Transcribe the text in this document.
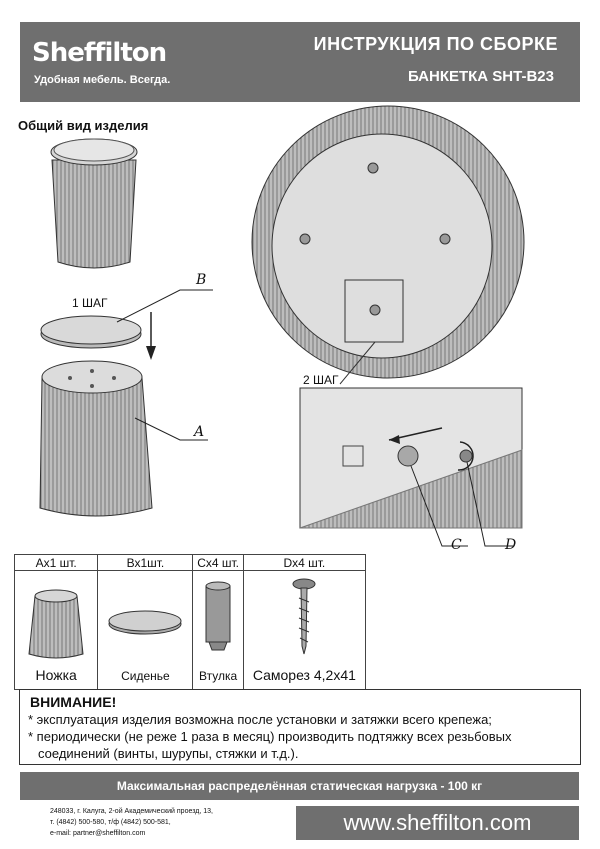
Sheffilton
Удобная мебель. Всегда.
ИНСТРУКЦИЯ ПО СБОРКЕ
БАНКЕТКА SHT-B23
Общий вид изделия
1 ШАГ
2 ШАГ
B
A
C	D
Ах1 шт.	Вх1шт.	Сх4 шт.	Dx4 шт.

Ножка	Сиденье	Втулка	Саморез 4,2х41
ВНИМАНИЕ!
* эксплуатация изделия возможна после установки и затяжки всего крепежа;
* периодически (не реже 1 раза в месяц) производить подтяжку всех резьбовых
соединений (винты, шурупы, стяжки и т.д.).
Максимальная распределённая статическая нагрузка - 100 кг
248033, г. Калуга, 2-ой Академический проезд, 13,
т. (4842) 500-580, т/ф (4842) 500-581,
e-mail: partner@sheffilton.com	www.sheffilton.com
